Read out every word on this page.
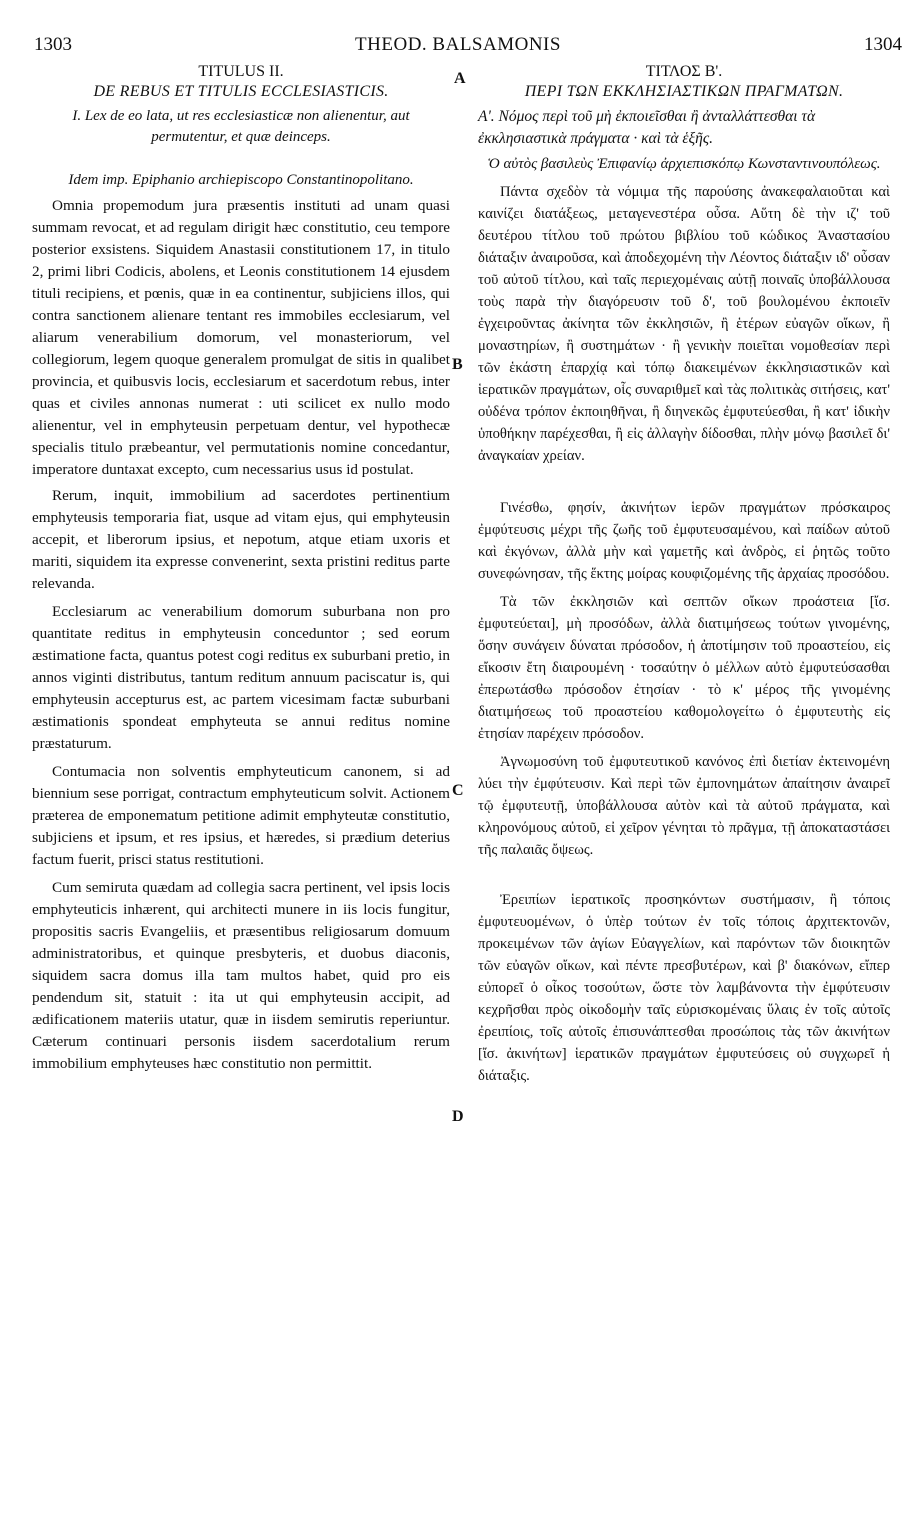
1303	THEOD. BALSAMONIS	1304
A
B
C
D

TITULUS II.

DE REBUS ET TITULIS ECCLESIASTICIS.

I. Lex de eo lata, ut res ecclesiasticæ non alienentur, aut permutentur, et quæ deinceps.

Idem imp. Epiphanio archiepiscopo Constantinopolitano.

Omnia propemodum jura præsentis instituti ad unam quasi summam revocat, et ad regulam dirigit hæc constitutio, ceu tempore posterior exsistens. Siquidem Anastasii constitutionem 17, in titulo 2, primi libri Codicis, abolens, et Leonis constitutionem 14 ejusdem tituli recipiens, et pœnis, quæ in ea continentur, subjiciens illos, qui contra sanctionem alienare tentant res immobiles ecclesiarum, vel aliarum venerabilium domorum, vel monasteriorum, vel collegiorum, legem quoque generalem promulgat de sitis in qualibet provincia, et quibusvis locis, ecclesiarum et sacerdotum rebus, inter quas et civiles annonas numerat : uti scilicet ex nullo modo alienentur, vel in emphyteusin perpetuam dentur, vel hypothecæ specialis titulo præbeantur, vel permutationis nomine concedantur, imperatore duntaxat excepto, cum necessarius usus id postulat.

Rerum, inquit, immobilium ad sacerdotes pertinentium emphyteusis temporaria fiat, usque ad vitam ejus, qui emphyteusin accepit, et liberorum ipsius, et nepotum, atque etiam uxoris et mariti, siquidem ita expresse convenerint, sexta pristini reditus parte relevanda.

Ecclesiarum ac venerabilium domorum suburbana non pro quantitate reditus in emphyteusin conceduntor ; sed eorum æstimatione facta, quantus potest cogi reditus ex suburbani pretio, in annos viginti distributus, tantum reditum annuum paciscatur is, qui emphyteusin accepturus est, ac partem vicesimam factæ suburbani æstimationis spondeat emphyteuta se annui reditus nomine præstaturum.

Contumacia non solventis emphyteuticum canonem, si ad biennium sese porrigat, contractum emphyteuticum solvit. Actionem præterea de emponematum petitione adimit emphyteutæ constitutio, subjiciens et ipsum, et res ipsius, et hæredes, si prædium deterius factum fuerit, prisci status restitutioni.

Cum semiruta quædam ad collegia sacra pertinent, vel ipsis locis emphyteuticis inhærent, qui architecti munere in iis locis fungitur, propositis sacris Evangeliis, et præsentibus religiosarum domuum administratoribus, et quinque presbyteris, et duobus diaconis, siquidem sacra domus illa tam multos habet, quid pro eis pendendum sit, statuit : ita ut qui emphyteusin accipit, ad ædificationem materiis utatur, quæ in iisdem semirutis reperiuntur. Cæterum continuari personis iisdem sacerdotalium rerum immobilium emphyteuses hæc constitutio non permittit.

ΤΙΤΛΟΣ Β'.

ΠΕΡΙ ΤΩΝ ΕΚΚΛΗΣΙΑΣΤΙΚΩΝ ΠΡΑΓΜΑΤΩΝ.

Α'. Νόμος περὶ τοῦ μὴ ἐκποιεῖσθαι ἢ ἀνταλλάττεσθαι τὰ ἐκκλησιαστικὰ πράγματα · καὶ τὰ ἑξῆς.

Ὁ αὐτὸς βασιλεὺς Ἐπιφανίῳ ἀρχιεπισκόπῳ Κωνσταντινουπόλεως.

Πάντα σχεδὸν τὰ νόμιμα τῆς παρούσης ἀνακεφαλαιοῦται καὶ καινίζει διατάξεως, μεταγενεστέρα οὖσα. Αὕτη δὲ τὴν ιζ' τοῦ δευτέρου τίτλου τοῦ πρώτου βιβλίου τοῦ κώδικος Ἀναστασίου διάταξιν ἀναιροῦσα, καὶ ἀποδεχομένη τὴν Λέοντος διάταξιν ιδ' οὖσαν τοῦ αὐτοῦ τίτλου, καὶ ταῖς περιεχομέναις αὐτῇ ποιναῖς ὑποβάλλουσα τοὺς παρὰ τὴν διαγόρευσιν τοῦ δ', τοῦ βουλομένου ἐκποιεῖν ἐγχειροῦντας ἀκίνητα τῶν ἐκκλησιῶν, ἢ ἑτέρων εὐαγῶν οἴκων, ἢ μοναστηρίων, ἢ συστημάτων · ἢ γενικὴν ποιεῖται νομοθεσίαν περὶ τῶν ἑκάστη ἐπαρχίᾳ καὶ τόπῳ διακειμένων ἐκκλησιαστικῶν καὶ ἱερατικῶν πραγμάτων, οἷς συναριθμεῖ καὶ τὰς πολιτικὰς σιτήσεις, κατ' οὐδένα τρόπον ἐκποιηθῆναι, ἢ διηνεκῶς ἐμφυτεύεσθαι, ἢ κατ' ἰδικὴν ὑποθήκην παρέχεσθαι, ἢ εἰς ἀλλαγὴν δίδοσθαι, πλὴν μόνῳ βασιλεῖ δι' ἀναγκαίαν χρείαν.

Γινέσθω, φησίν, ἀκινήτων ἱερῶν πραγμάτων πρόσκαιρος ἐμφύτευσις μέχρι τῆς ζωῆς τοῦ ἐμφυτευσαμένου, καὶ παίδων αὐτοῦ καὶ ἐκγόνων, ἀλλὰ μὴν καὶ γαμετῆς καὶ ἀνδρὸς, εἰ ῥητῶς τοῦτο συνεφώνησαν, τῆς ἕκτης μοίρας κουφιζομένης τῆς ἀρχαίας προσόδου.

Τὰ τῶν ἐκκλησιῶν καὶ σεπτῶν οἴκων προάστεια [ἴσ. ἐμφυτεύεται], μὴ προσόδων, ἀλλὰ διατιμήσεως τούτων γινομένης, ὅσην συνάγειν δύναται πρόσοδον, ἡ ἀποτίμησιν τοῦ προαστείου, εἰς εἴκοσιν ἔτη διαιρουμένη · τοσαύτην ὁ μέλλων αὐτὸ ἐμφυτεύσασθαι ἐπερωτάσθω πρόσοδον ἐτησίαν · τὸ κ' μέρος τῆς γινομένης διατιμήσεως τοῦ προαστείου καθομολογείτω ὁ ἐμφυτευτὴς εἰς ἐτησίαν παρέχειν πρόσοδον.

Ἀγνωμοσύνη τοῦ ἐμφυτευτικοῦ κανόνος ἐπὶ διετίαν ἐκτεινομένη λύει τὴν ἐμφύτευσιν. Καὶ περὶ τῶν ἐμπονημάτων ἀπαίτησιν ἀναιρεῖ τῷ ἐμφυτευτῇ, ὑποβάλλουσα αὐτὸν καὶ τὰ αὐτοῦ πράγματα, καὶ κληρονόμους αὐτοῦ, εἰ χεῖρον γένηται τὸ πρᾶγμα, τῇ ἀποκαταστάσει τῆς παλαιᾶς ὄψεως.

Ἐρειπίων ἱερατικοῖς προσηκόντων συστήμασιν, ἢ τόποις ἐμφυτευομένων, ὁ ὑπὲρ τούτων ἐν τοῖς τόποις ἀρχιτεκτονῶν, προκειμένων τῶν ἁγίων Εὐαγγελίων, καὶ παρόντων τῶν διοικητῶν τῶν εὐαγῶν οἴκων, καὶ πέντε πρεσβυτέρων, καὶ β' διακόνων, εἴπερ εὐπορεῖ ὁ οἶκος τοσούτων, ὥστε τὸν λαμβάνοντα τὴν ἐμφύτευσιν κεχρῆσθαι πρὸς οἰκοδομὴν ταῖς εὑρισκομέναις ὕλαις ἐν τοῖς αὐτοῖς ἐρειπίοις, τοῖς αὐτοῖς ἐπισυνάπτεσθαι προσώποις τὰς τῶν ἀκινήτων [ἴσ. ἀκινήτων] ἱερατικῶν πραγμάτων ἐμφυτεύσεις οὐ συγχωρεῖ ἡ διάταξις.
